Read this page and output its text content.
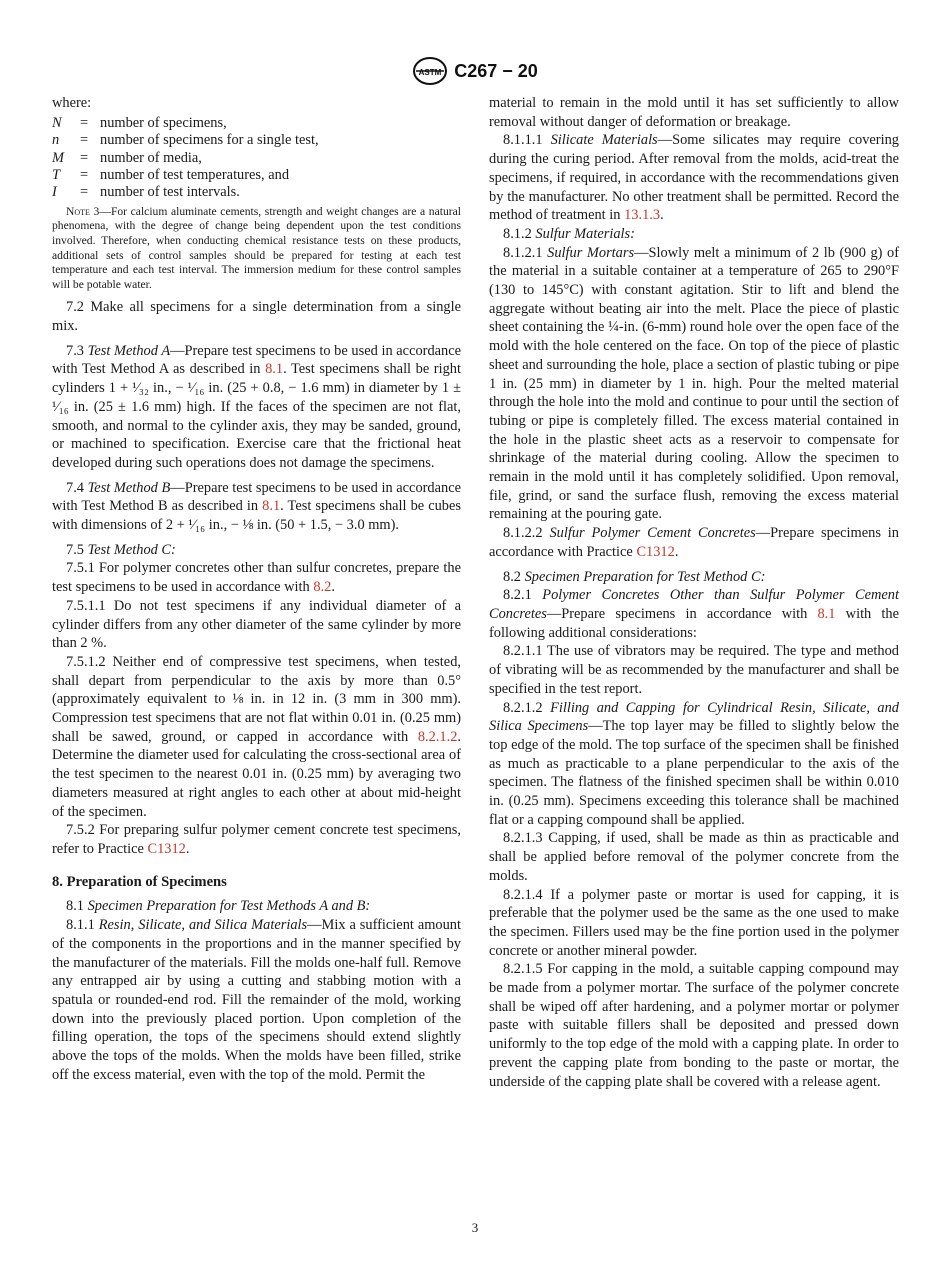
ASTM C267 − 20

where:

N	=	number of specimens,
n	=	number of specimens for a single test,
M	=	number of media,
T	=	number of test temperatures, and
I	=	number of test intervals.
Note 3—For calcium aluminate cements, strength and weight changes are a natural phenomena, with the degree of change being dependent upon the test conditions involved. Therefore, when conducting chemical resistance tests on these products, additional sets of control samples should be prepared for testing at each test temperature and each test interval. The immersion medium for these control samples will be potable water.

7.2 Make all specimens for a single determination from a single mix.

7.3 Test Method A—Prepare test specimens to be used in accordance with Test Method A as described in 8.1. Test specimens shall be right cylinders 1 + ¹⁄₃₂ in., − ¹⁄₁₆ in. (25 + 0.8, − 1.6 mm) in diameter by 1 ± ¹⁄₁₆ in. (25 ± 1.6 mm) high. If the faces of the specimen are not flat, smooth, and normal to the cylinder axis, they may be sanded, ground, or machined to specification. Exercise care that the frictional heat developed during such operations does not damage the specimens.

7.4 Test Method B—Prepare test specimens to be used in accordance with Test Method B as described in 8.1. Test specimens shall be cubes with dimensions of 2 + ¹⁄₁₆ in., − ⅛ in. (50 + 1.5, − 3.0 mm).

7.5 Test Method C:

7.5.1 For polymer concretes other than sulfur concretes, prepare the test specimens to be used in accordance with 8.2.

7.5.1.1 Do not test specimens if any individual diameter of a cylinder differs from any other diameter of the same cylinder by more than 2 %.

7.5.1.2 Neither end of compressive test specimens, when tested, shall depart from perpendicular to the axis by more than 0.5° (approximately equivalent to ⅛ in. in 12 in. (3 mm in 300 mm). Compression test specimens that are not flat within 0.01 in. (0.25 mm) shall be sawed, ground, or capped in accordance with 8.2.1.2. Determine the diameter used for calculating the cross-sectional area of the test specimen to the nearest 0.01 in. (0.25 mm) by averaging two diameters measured at right angles to each other at about mid-height of the specimen.

7.5.2 For preparing sulfur polymer cement concrete test specimens, refer to Practice C1312.

8. Preparation of Specimens

8.1 Specimen Preparation for Test Methods A and B:

8.1.1 Resin, Silicate, and Silica Materials—Mix a sufficient amount of the components in the proportions and in the manner specified by the manufacturer of the materials. Fill the molds one-half full. Remove any entrapped air by using a cutting and stabbing motion with a spatula or rounded-end rod. Fill the remainder of the mold, working down into the previously placed portion. Upon completion of the filling operation, the tops of the specimens should extend slightly above the tops of the molds. When the molds have been filled, strike off the excess material, even with the top of the mold. Permit the

material to remain in the mold until it has set sufficiently to allow removal without danger of deformation or breakage.

8.1.1.1 Silicate Materials—Some silicates may require covering during the curing period. After removal from the molds, acid-treat the specimens, if required, in accordance with the recommendations given by the manufacturer. No other treatment shall be permitted. Record the method of treatment in 13.1.3.

8.1.2 Sulfur Materials:

8.1.2.1 Sulfur Mortars—Slowly melt a minimum of 2 lb (900 g) of the material in a suitable container at a temperature of 265 to 290°F (130 to 145°C) with constant agitation. Stir to lift and blend the aggregate without beating air into the melt. Place the piece of plastic sheet containing the ¼-in. (6-mm) round hole over the open face of the mold with the hole centered on the face. On top of the piece of plastic sheet and surrounding the hole, place a section of plastic tubing or pipe 1 in. (25 mm) in diameter by 1 in. high. Pour the melted material through the hole into the mold and continue to pour until the section of tubing or pipe is completely filled. The excess material contained in the hole in the plastic sheet acts as a reservoir to compensate for shrinkage of the material during cooling. Allow the specimen to remain in the mold until it has completely solidified. Upon removal, file, grind, or sand the surface flush, removing the excess material remaining at the pouring gate.

8.1.2.2 Sulfur Polymer Cement Concretes—Prepare specimens in accordance with Practice C1312.

8.2 Specimen Preparation for Test Method C:

8.2.1 Polymer Concretes Other than Sulfur Polymer Cement Concretes—Prepare specimens in accordance with 8.1 with the following additional considerations:

8.2.1.1 The use of vibrators may be required. The type and method of vibrating will be as recommended by the manufacturer and shall be specified in the test report.

8.2.1.2 Filling and Capping for Cylindrical Resin, Silicate, and Silica Specimens—The top layer may be filled to slightly below the top edge of the mold. The top surface of the specimen shall be finished as much as practicable to a plane perpendicular to the axis of the specimen. The flatness of the finished specimen shall be within 0.010 in. (0.25 mm). Specimens exceeding this tolerance shall be machined flat or a capping compound shall be applied.

8.2.1.3 Capping, if used, shall be made as thin as practicable and shall be applied before removal of the polymer concrete from the molds.

8.2.1.4 If a polymer paste or mortar is used for capping, it is preferable that the polymer used be the same as the one used to make the specimen. Fillers used may be the fine portion used in the polymer concrete or another mineral powder.

8.2.1.5 For capping in the mold, a suitable capping compound may be made from a polymer mortar. The surface of the polymer concrete shall be wiped off after hardening, and a polymer mortar or polymer paste with suitable fillers shall be deposited and pressed down uniformly to the top edge of the mold with a capping plate. In order to prevent the capping plate from bonding to the paste or mortar, the underside of the capping plate shall be covered with a release agent.

3
